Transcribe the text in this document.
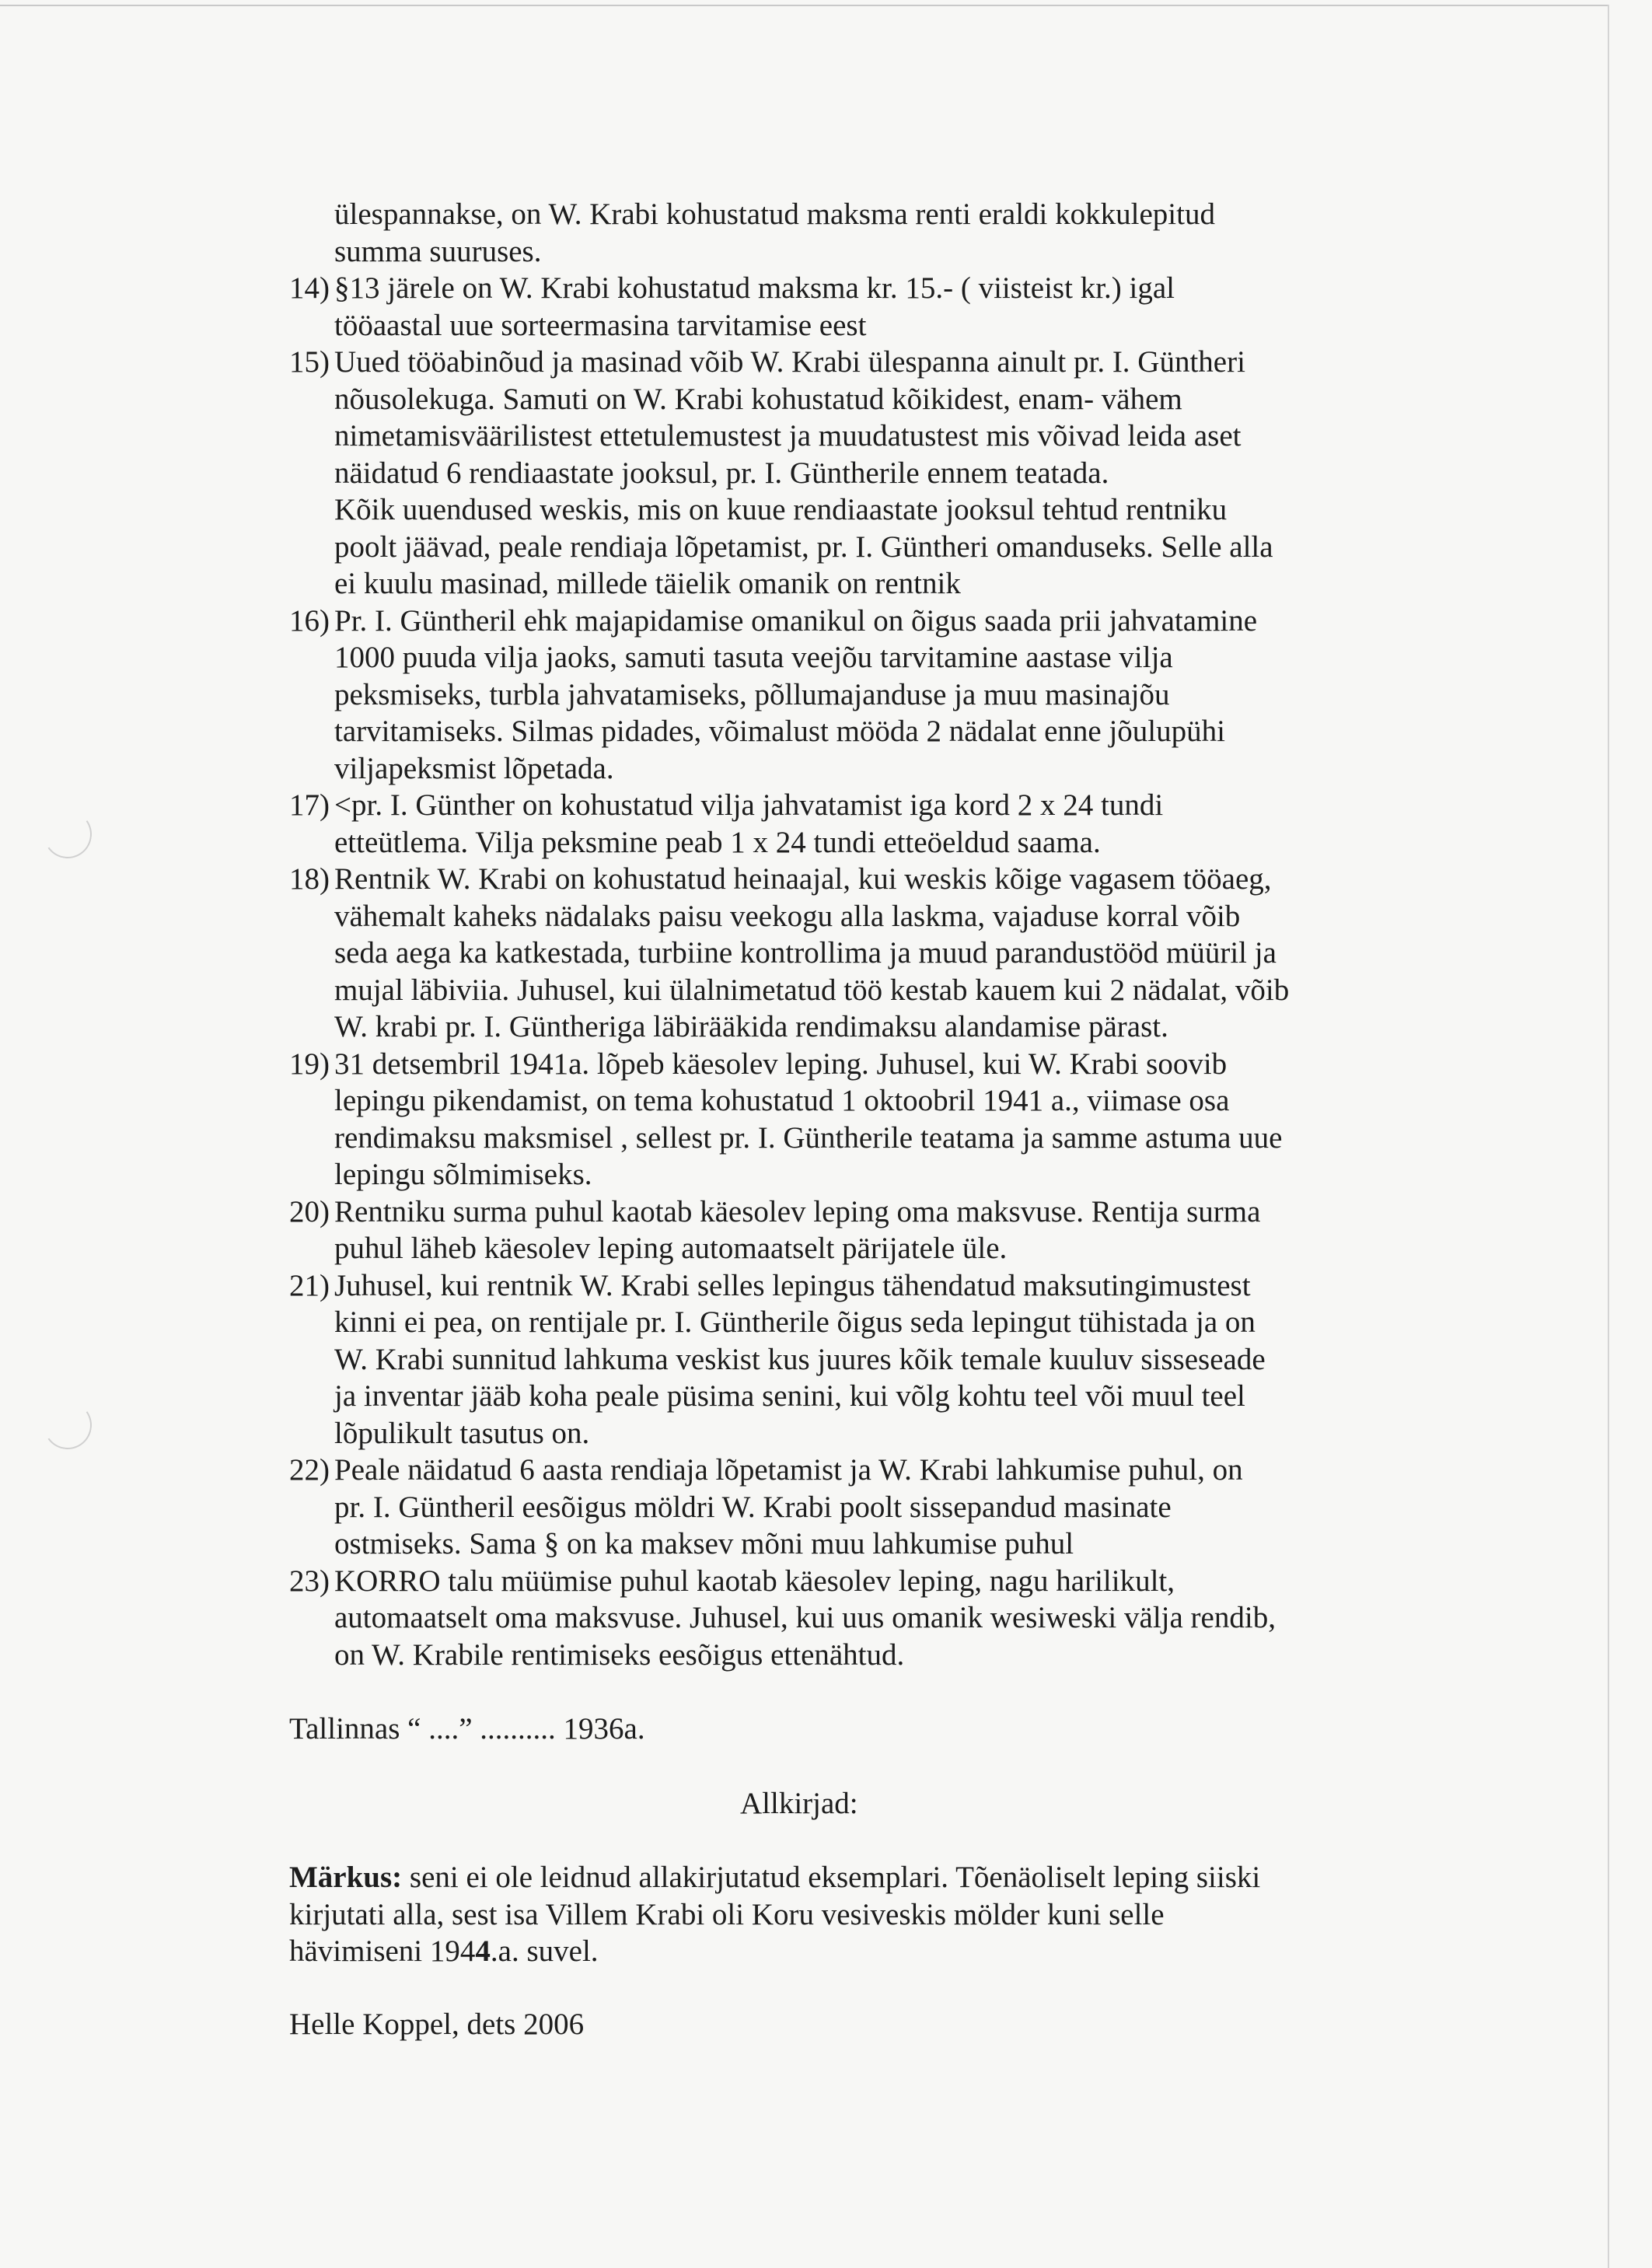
ülespannakse, on W. Krabi kohustatud maksma renti eraldi kokkulepitud
summa suuruses.
14) §13 järele on W. Krabi kohustatud maksma kr. 15.- ( viisteist kr.) igal
tööaastal uue sorteermasina tarvitamise eest
15) Uued tööabinõud ja masinad võib W. Krabi ülespanna ainult pr. I. Güntheri
nõusolekuga. Samuti on W. Krabi kohustatud kõikidest, enam- vähem
nimetamisväärilistest ettetulemustest ja muudatustest mis võivad leida aset
näidatud 6 rendiaastate jooksul, pr. I. Güntherile ennem teatada.
Kõik uuendused weskis, mis on kuue rendiaastate jooksul tehtud rentniku
poolt jäävad, peale rendiaja lõpetamist, pr. I. Güntheri omanduseks. Selle alla
ei kuulu masinad, millede täielik omanik on rentnik
16) Pr. I. Güntheril ehk majapidamise omanikul on õigus saada prii jahvatamine
1000 puuda vilja jaoks, samuti tasuta veejõu tarvitamine aastase vilja
peksmiseks, turbla jahvatamiseks, põllumajanduse ja muu masinajõu
tarvitamiseks. Silmas pidades, võimalust mööda 2 nädalat enne jõulupühi
viljapeksmist lõpetada.
17) <pr. I. Günther on kohustatud vilja jahvatamist iga kord 2 x 24 tundi
etteütlema. Vilja peksmine peab 1 x 24 tundi etteöeldud saama.
18) Rentnik W. Krabi on kohustatud heinaajal, kui weskis kõige vagasem tööaeg,
vähemalt kaheks nädalaks paisu veekogu alla laskma, vajaduse korral võib
seda aega ka katkestada, turbiine kontrollima ja muud parandustööd müüril ja
mujal läbiviia. Juhusel, kui ülalnimetatud töö kestab kauem kui 2 nädalat, võib
W. krabi pr. I. Güntheriga läbirääkida rendimaksu alandamise pärast.
19) 31 detsembril 1941a. lõpeb käesolev leping. Juhusel, kui W. Krabi soovib
lepingu pikendamist, on tema kohustatud 1 oktoobril 1941 a., viimase osa
rendimaksu maksmisel , sellest pr. I. Güntherile teatama ja samme astuma uue
lepingu sõlmimiseks.
20) Rentniku surma puhul kaotab käesolev leping oma maksvuse. Rentija surma
puhul läheb käesolev leping automaatselt pärijatele üle.
21) Juhusel, kui rentnik W. Krabi selles lepingus tähendatud maksutingimustest
kinni ei pea, on rentijale pr. I. Güntherile õigus seda lepingut tühistada ja on
W. Krabi sunnitud lahkuma veskist kus juures kõik temale kuuluv sisseseade
ja inventar jääb koha peale püsima senini, kui võlg kohtu teel või muul teel
lõpulikult tasutus on.
22) Peale näidatud 6 aasta rendiaja lõpetamist ja W. Krabi lahkumise puhul, on
pr. I. Güntheril eesõigus möldri W. Krabi poolt sissepandud masinate
ostmiseks. Sama § on ka maksev mõni muu lahkumise puhul
23) KORRO talu müümise puhul kaotab käesolev leping, nagu harilikult,
automaatselt oma maksvuse. Juhusel, kui uus omanik wesiweski välja rendib,
on W. Krabile rentimiseks eesõigus ettenähtud.

Tallinnas “ ....” .......... 1936a.

Allkirjad:

Märkus: seni ei ole leidnud allakirjutatud eksemplari. Tõenäoliselt leping siiski
kirjutati alla, sest isa Villem Krabi oli Koru vesiveskis mölder kuni selle
hävimiseni 1944.a. suvel.

Helle Koppel, dets 2006
